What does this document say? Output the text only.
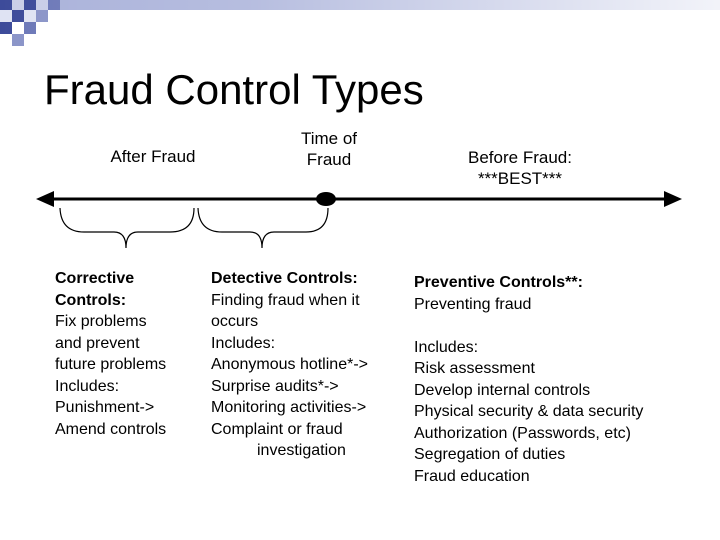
Fraud Control Types
After Fraud
Time of
Fraud	Before Fraud:
***BEST***
Corrective
Controls:
Fix problems
and prevent
future problems
Includes:
Punishment->
Amend controls
Detective Controls:
Finding fraud when it
occurs
Includes:
Anonymous hotline*->
Surprise audits*->
Monitoring activities->
Complaint or fraud
investigation
Preventive Controls**:
Preventing fraud
Includes:
Risk assessment
Develop internal controls
Physical security & data security
Authorization (Passwords, etc)
Segregation of duties
Fraud education
